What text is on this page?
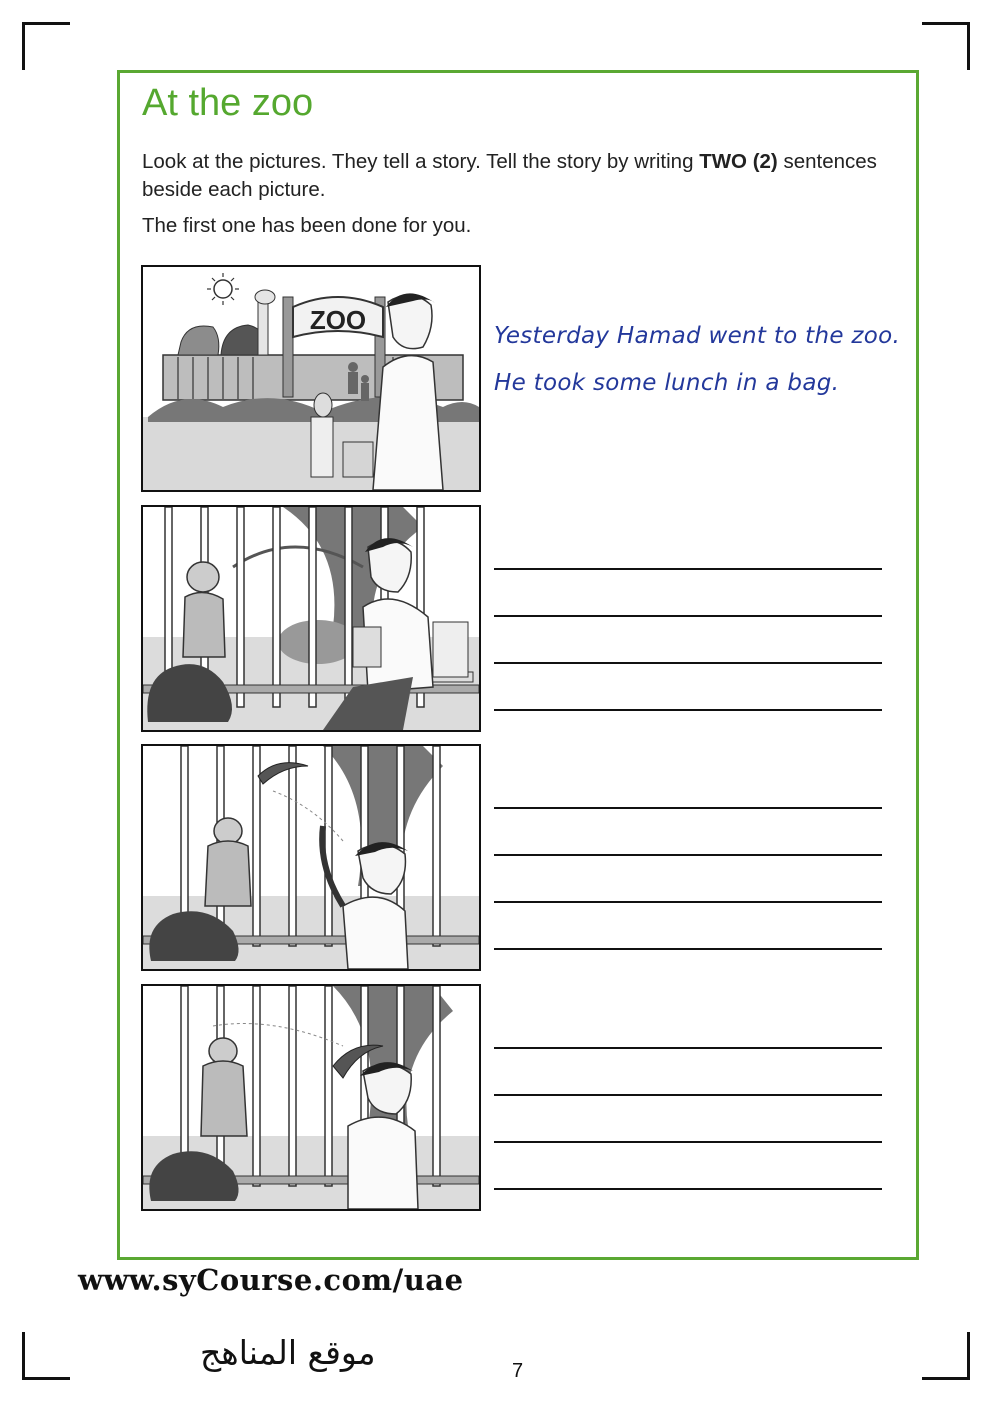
At the zoo
Look at the pictures. They tell a story. Tell the story by writing TWO (2) sentences beside each picture.
The first one has been done for you.
ZOO
Yesterday Hamad went to the zoo.
He took some lunch in a bag.
www.syCourse.com/uae
موقع المناهج	7
